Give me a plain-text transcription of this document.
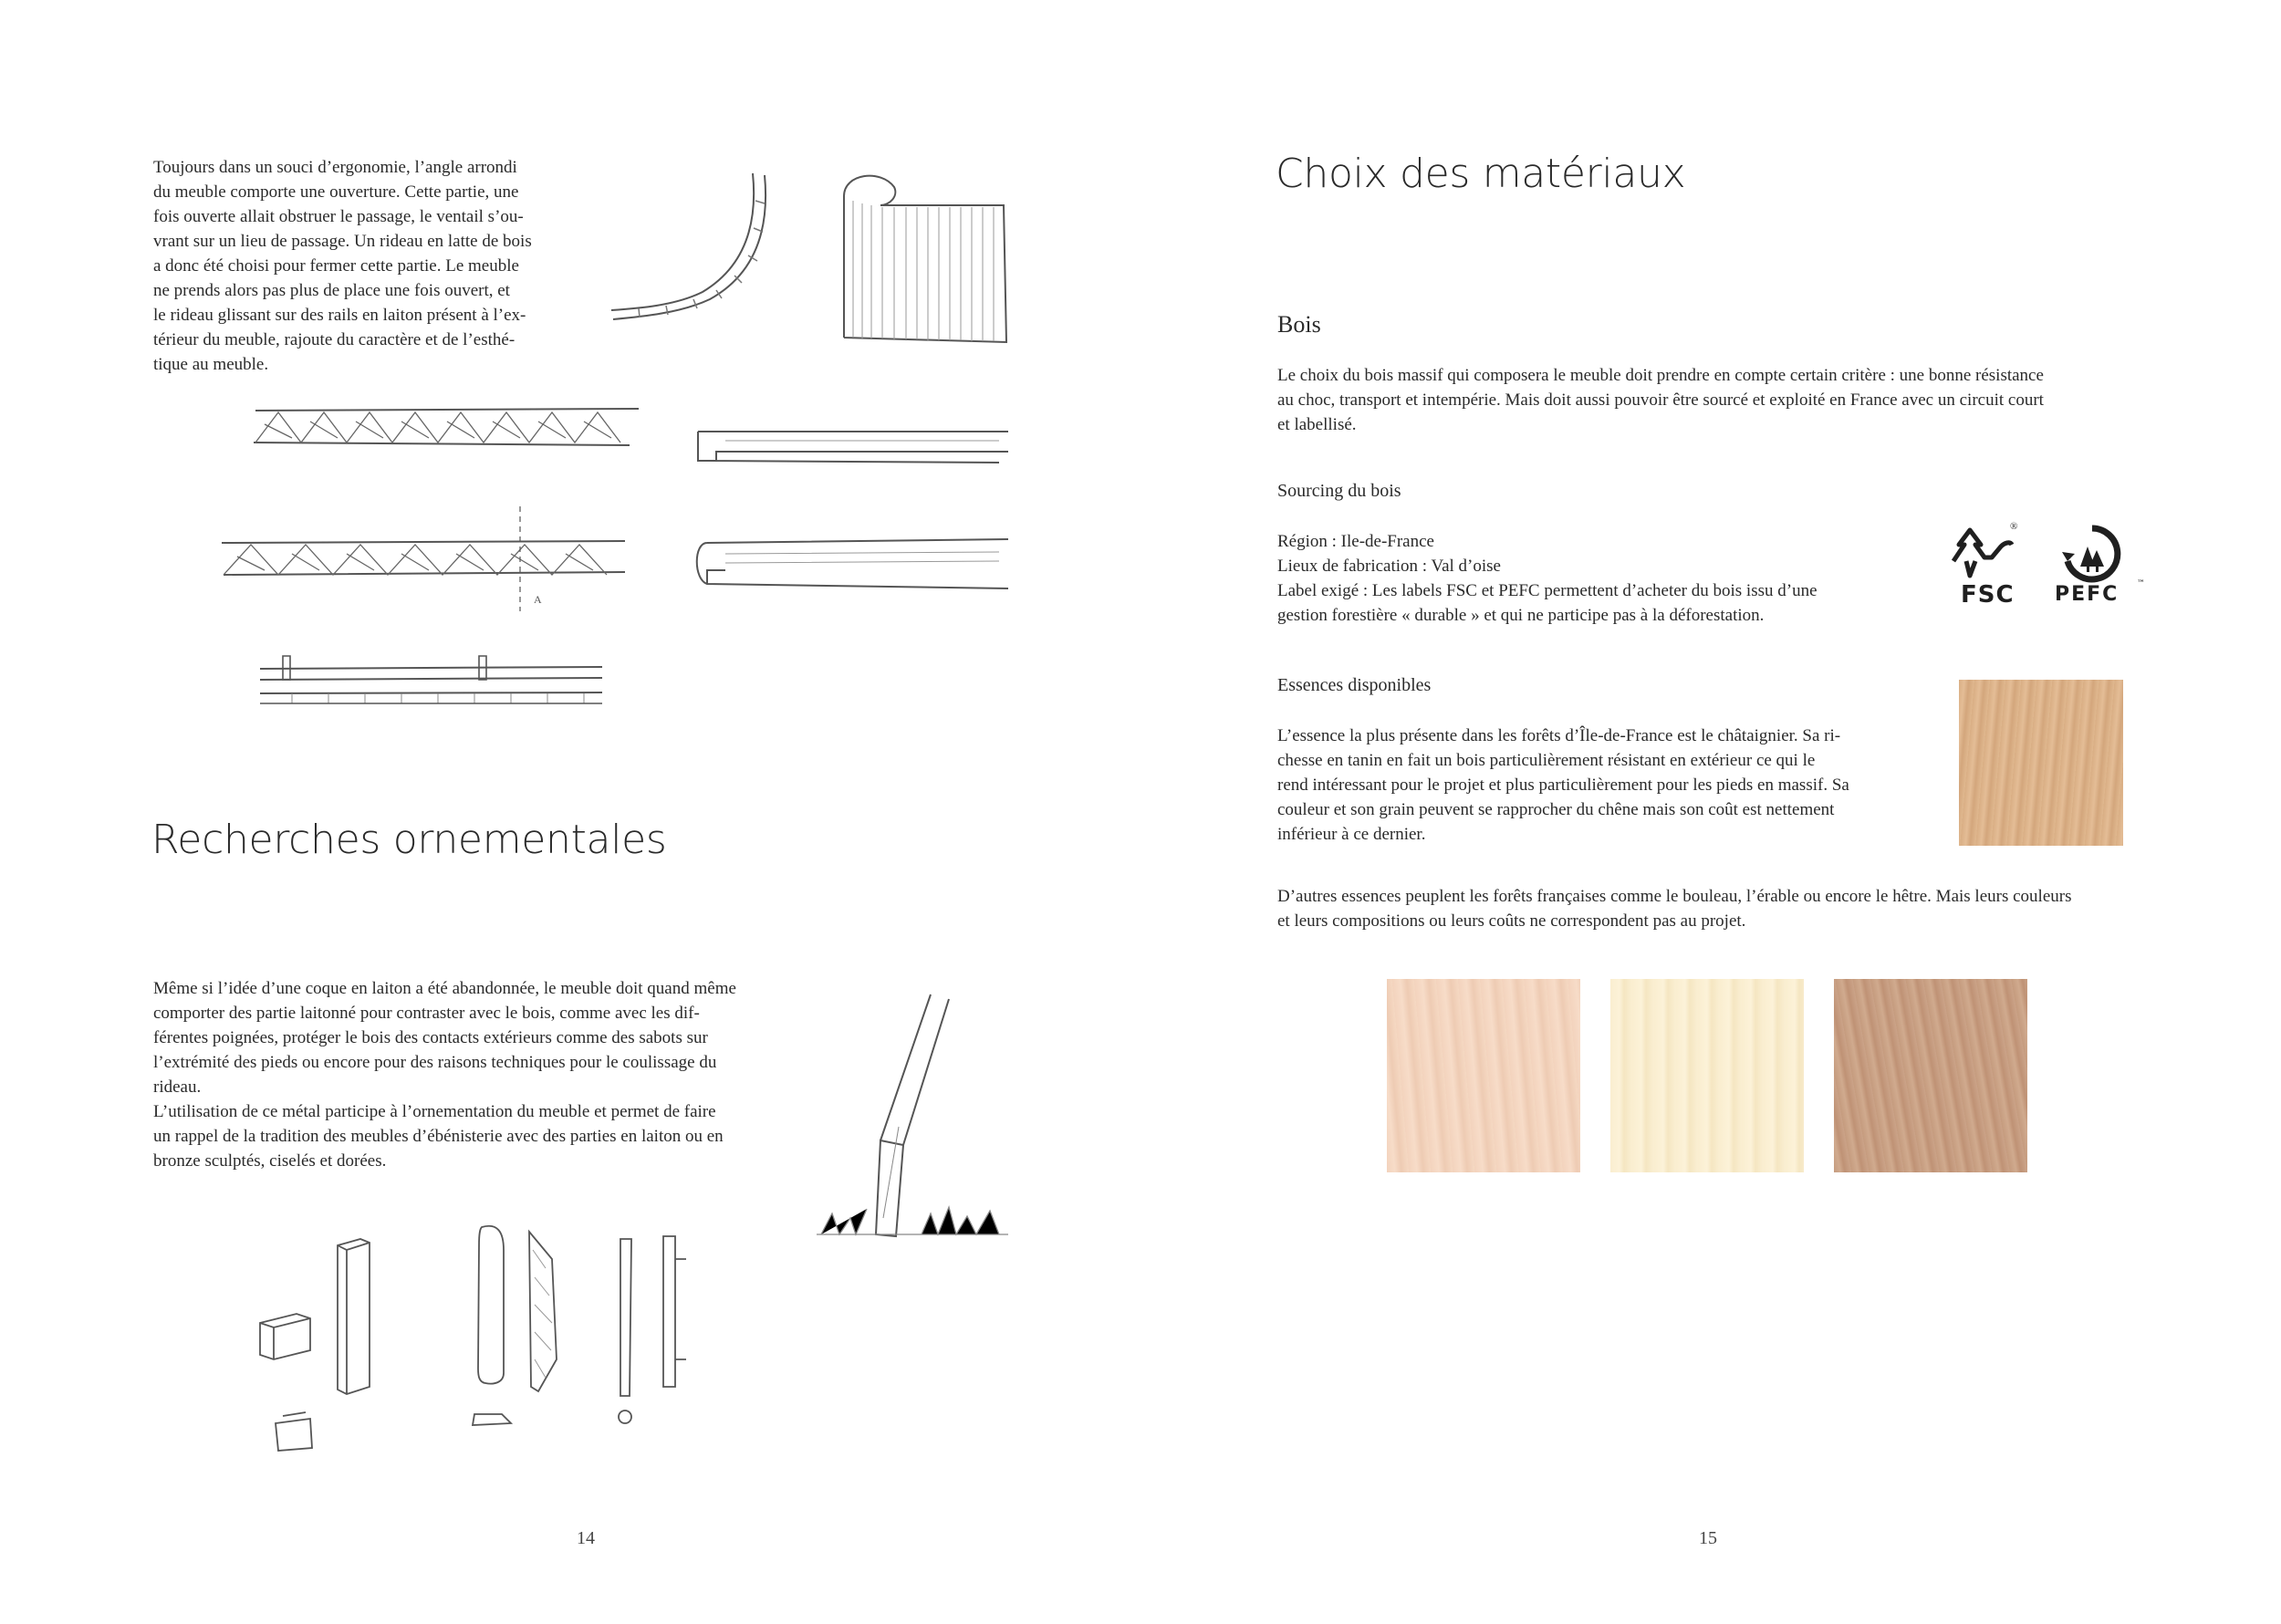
Toujours dans un souci d’ergonomie, l’angle arrondi
du meuble comporte une ouverture. Cette partie, une
fois ouverte allait obstruer le passage, le ventail s’ou-
vrant sur un lieu de passage. Un rideau en latte de bois
a donc été choisi pour fermer cette partie. Le meuble
ne prends alors pas plus de place une fois ouvert, et
le rideau glissant sur des rails en laiton présent à l’ex-
térieur du meuble, rajoute du caractère et de l’esthé-
tique au meuble.
A
Recherches ornementales
Même si l’idée d’une coque en laiton a été abandonnée, le meuble doit quand même
comporter des partie laitonné pour contraster avec le bois, comme avec les dif-
férentes poignées, protéger le bois des contacts extérieurs comme des sabots sur
l’extrémité des pieds ou encore pour des raisons techniques pour le coulissage du
rideau.
L’utilisation de ce métal participe à l’ornementation du meuble et permet de faire
un rappel de la tradition des meubles d’ébénisterie avec des parties en laiton ou en
bronze sculptés, ciselés et dorées.
14
Choix des matériaux
Bois
Le choix du bois massif qui composera le meuble doit prendre en compte certain critère : une bonne résistance
au choc, transport et intempérie. Mais doit aussi pouvoir être sourcé et exploité en France avec un circuit court
et labellisé.
Sourcing du bois
Région : Ile-de-France
Lieux de fabrication : Val d’oise
Label exigé : Les labels FSC et PEFC permettent d’acheter du bois issu d’une
gestion forestière « durable » et qui ne participe pas à la déforestation.
®
FSC PEFC ™
Essences disponibles
L’essence la plus présente dans les forêts d’Île-de-France est le châtaignier. Sa ri-
chesse en tanin en fait un bois particulièrement résistant en extérieur ce qui le
rend intéressant pour le projet et plus particulièrement pour les pieds en massif. Sa
couleur et son grain peuvent se rapprocher du chêne mais son coût est nettement
inférieur à ce dernier.
D’autres essences peuplent les forêts françaises comme le bouleau, l’érable ou encore le hêtre. Mais leurs couleurs
et leurs compositions ou leurs coûts ne correspondent pas au projet.
15
